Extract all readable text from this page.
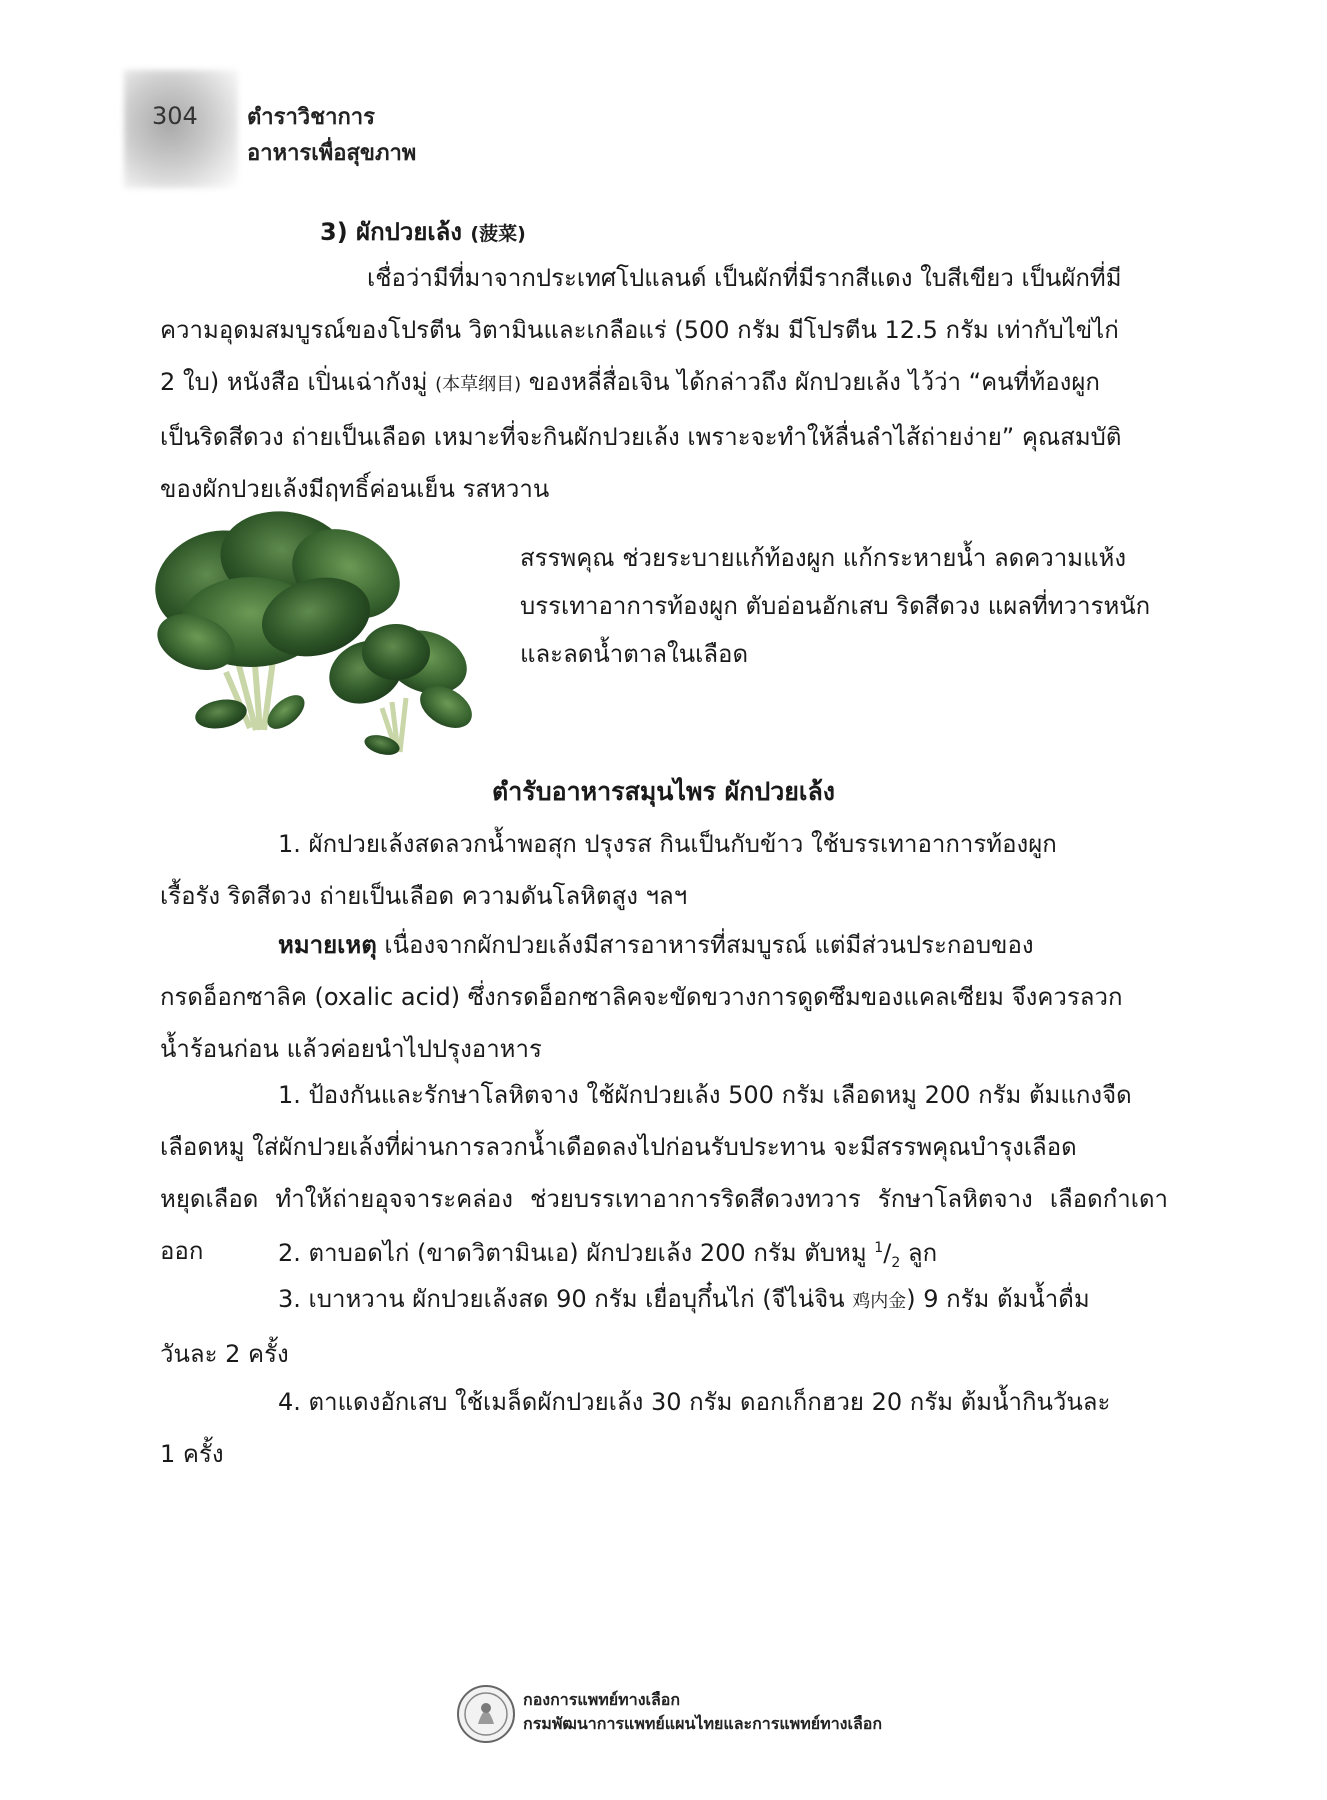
304 ตำราวิชาการ
อาหารเพื่อสุขภาพ
3) ผักปวยเล้ง (菠菜)
เชื่อว่ามีที่มาจากประเทศโปแลนด์ เป็นผักที่มีรากสีแดง ใบสีเขียว เป็นผักที่มี
ความอุดมสมบูรณ์ของโปรตีน วิตามินและเกลือแร่ (500 กรัม มีโปรตีน 12.5 กรัม เท่ากับไข่ไก่
2 ใบ) หนังสือ เปิ่นเฉ่ากังมู่ (本草纲目) ของหลี่สื่อเจิน ได้กล่าวถึง ผักปวยเล้ง ไว้ว่า “คนที่ท้องผูก
เป็นริดสีดวง ถ่ายเป็นเลือด เหมาะที่จะกินผักปวยเล้ง เพราะจะทำให้ลื่นลำไส้ถ่ายง่าย” คุณสมบัติ
ของผักปวยเล้งมีฤทธิ์ค่อนเย็น รสหวาน
สรรพคุณ ช่วยระบายแก้ท้องผูก แก้กระหายน้ำ ลดความแห้ง
บรรเทาอาการท้องผูก ตับอ่อนอักเสบ ริดสีดวง แผลที่ทวารหนัก
และลดน้ำตาลในเลือด
ตำรับอาหารสมุนไพร ผักปวยเล้ง
1. ผักปวยเล้งสดลวกน้ำพอสุก ปรุงรส กินเป็นกับข้าว ใช้บรรเทาอาการท้องผูก
เรื้อรัง ริดสีดวง ถ่ายเป็นเลือด ความดันโลหิตสูง ฯลฯ
หมายเหตุ เนื่องจากผักปวยเล้งมีสารอาหารที่สมบูรณ์ แต่มีส่วนประกอบของ
กรดอ็อกซาลิค (oxalic acid) ซึ่งกรดอ็อกซาลิคจะขัดขวางการดูดซึมของแคลเซียม จึงควรลวก
น้ำร้อนก่อน แล้วค่อยนำไปปรุงอาหาร
1. ป้องกันและรักษาโลหิตจาง ใช้ผักปวยเล้ง 500 กรัม เลือดหมู 200 กรัม ต้มแกงจืด
เลือดหมู ใส่ผักปวยเล้งที่ผ่านการลวกน้ำเดือดลงไปก่อนรับประทาน จะมีสรรพคุณบำรุงเลือด
หยุดเลือด ทำให้ถ่ายอุจจาระคล่อง ช่วยบรรเทาอาการริดสีดวงทวาร รักษาโลหิตจาง เลือดกำเดาออก	2. ตาบอดไก่ (ขาดวิตามินเอ) ผักปวยเล้ง 200 กรัม ตับหมู $^1/_2$ ลูก
3. เบาหวาน ผักปวยเล้งสด 90 กรัม เยื่อบุกึ๋นไก่ (จีไน่จิน 鸡内金) 9 กรัม ต้มน้ำดื่ม
วันละ 2 ครั้ง
4. ตาแดงอักเสบ ใช้เมล็ดผักปวยเล้ง 30 กรัม ดอกเก็กฮวย 20 กรัม ต้มน้ำกินวันละ
1 ครั้ง
กองการแพทย์ทางเลือก
กรมพัฒนาการแพทย์แผนไทยและการแพทย์ทางเลือก
